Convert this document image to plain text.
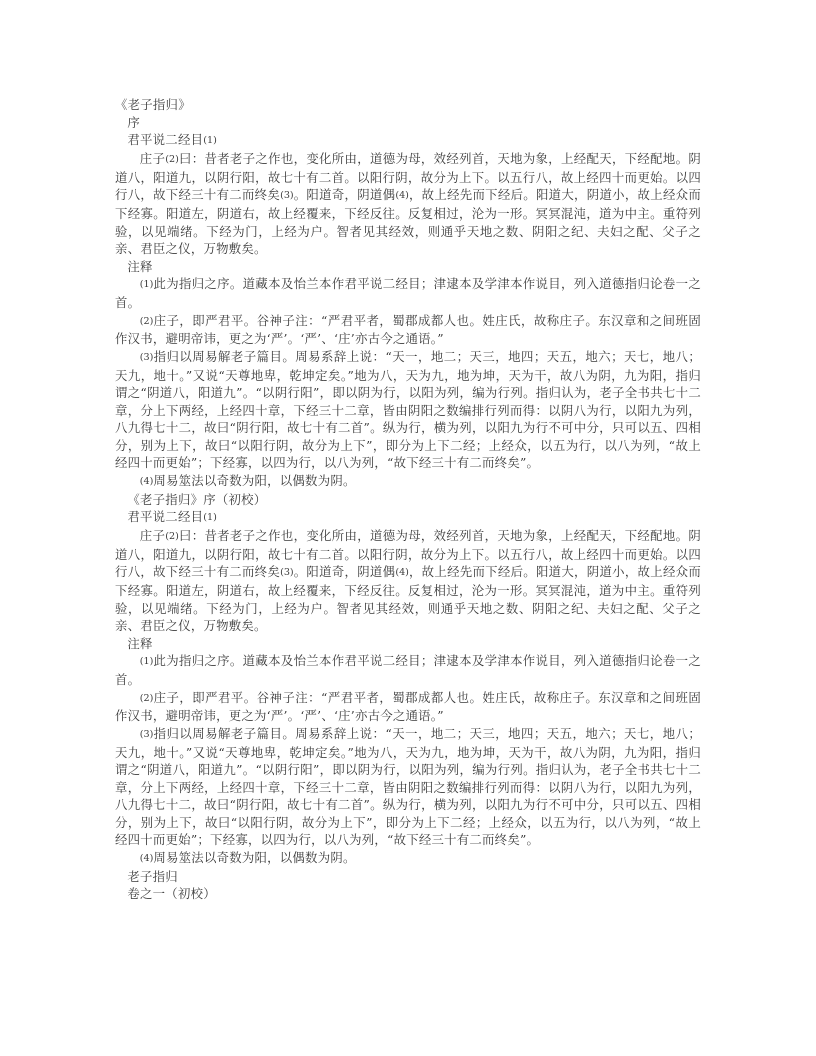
《老子指归》

序

君平说二经目(1)

庄子(2)曰：昔者老子之作也，变化所由，道德为母，效经列首，天地为象，上经配天，下经配地。阴道八，阳道九，以阴行阳，故七十有二首。以阳行阴，故分为上下。以五行八，故上经四十而更始。以四行八，故下经三十有二而终矣(3)。阳道奇，阴道偶(4)，故上经先而下经后。阳道大，阴道小，故上经众而下经寡。阳道左，阴道右，故上经覆来，下经反往。反复相过，沦为一形。冥冥混沌，道为中主。重符列验，以见端绪。下经为门，上经为户。智者见其经效，则通乎天地之数、阴阳之纪、夫妇之配、父子之亲、君臣之仪，万物敷矣。

注释

(1)此为指归之序。道藏本及怡兰本作君平说二经目；津逮本及学津本作说目，列入道德指归论卷一之首。

(2)庄子，即严君平。谷神子注：“严君平者，蜀郡成都人也。姓庄氏，故称庄子。东汉章和之间班固作汉书，避明帝讳，更之为‘严’。‘严’、‘庄’亦古今之通语。”

(3)指归以周易解老子篇目。周易系辞上说：“天一，地二；天三，地四；天五，地六；天七，地八；天九，地十。”又说“天尊地卑，乾坤定矣。”地为八，天为九，地为坤，天为干，故八为阴，九为阳，指归谓之“阴道八，阳道九”。“以阴行阳”，即以阴为行，以阳为列，编为行列。指归认为，老子全书共七十二章，分上下两经，上经四十章，下经三十二章，皆由阴阳之数编排行列而得：以阴八为行，以阳九为列，八九得七十二，故曰“阴行阳，故七十有二首”。纵为行，横为列，以阳九为行不可中分，只可以五、四相分，别为上下，故曰“以阳行阴，故分为上下”，即分为上下二经；上经众，以五为行，以八为列，“故上经四十而更始”；下经寡，以四为行，以八为列，“故下经三十有二而终矣”。

(4)周易筮法以奇数为阳，以偶数为阴。

《老子指归》序（初校）

君平说二经目(1)

庄子(2)曰：昔者老子之作也，变化所由，道德为母，效经列首，天地为象，上经配天，下经配地。阴道八，阳道九，以阴行阳，故七十有二首。以阳行阴，故分为上下。以五行八，故上经四十而更始。以四行八，故下经三十有二而终矣(3)。阳道奇，阴道偶(4)，故上经先而下经后。阳道大，阴道小，故上经众而下经寡。阳道左，阴道右，故上经覆来，下经反往。反复相过，沦为一形。冥冥混沌，道为中主。重符列验，以见端绪。下经为门，上经为户。智者见其经效，则通乎天地之数、阴阳之纪、夫妇之配、父子之亲、君臣之仪，万物敷矣。

注释

(1)此为指归之序。道藏本及怡兰本作君平说二经目；津逮本及学津本作说目，列入道德指归论卷一之首。

(2)庄子，即严君平。谷神子注：“严君平者，蜀郡成都人也。姓庄氏，故称庄子。东汉章和之间班固作汉书，避明帝讳，更之为‘严’。‘严’、‘庄’亦古今之通语。”

(3)指归以周易解老子篇目。周易系辞上说：“天一，地二；天三，地四；天五，地六；天七，地八；天九，地十。”又说“天尊地卑，乾坤定矣。”地为八，天为九，地为坤，天为干，故八为阴，九为阳，指归谓之“阴道八，阳道九”。“以阴行阳”，即以阴为行，以阳为列，编为行列。指归认为，老子全书共七十二章，分上下两经，上经四十章，下经三十二章，皆由阴阳之数编排行列而得：以阴八为行，以阳九为列，八九得七十二，故曰“阴行阳，故七十有二首”。纵为行，横为列，以阳九为行不可中分，只可以五、四相分，别为上下，故曰“以阳行阴，故分为上下”，即分为上下二经；上经众，以五为行，以八为列，“故上经四十而更始”；下经寡，以四为行，以八为列，“故下经三十有二而终矣”。

(4)周易筮法以奇数为阳，以偶数为阴。

老子指归

卷之一（初校）
